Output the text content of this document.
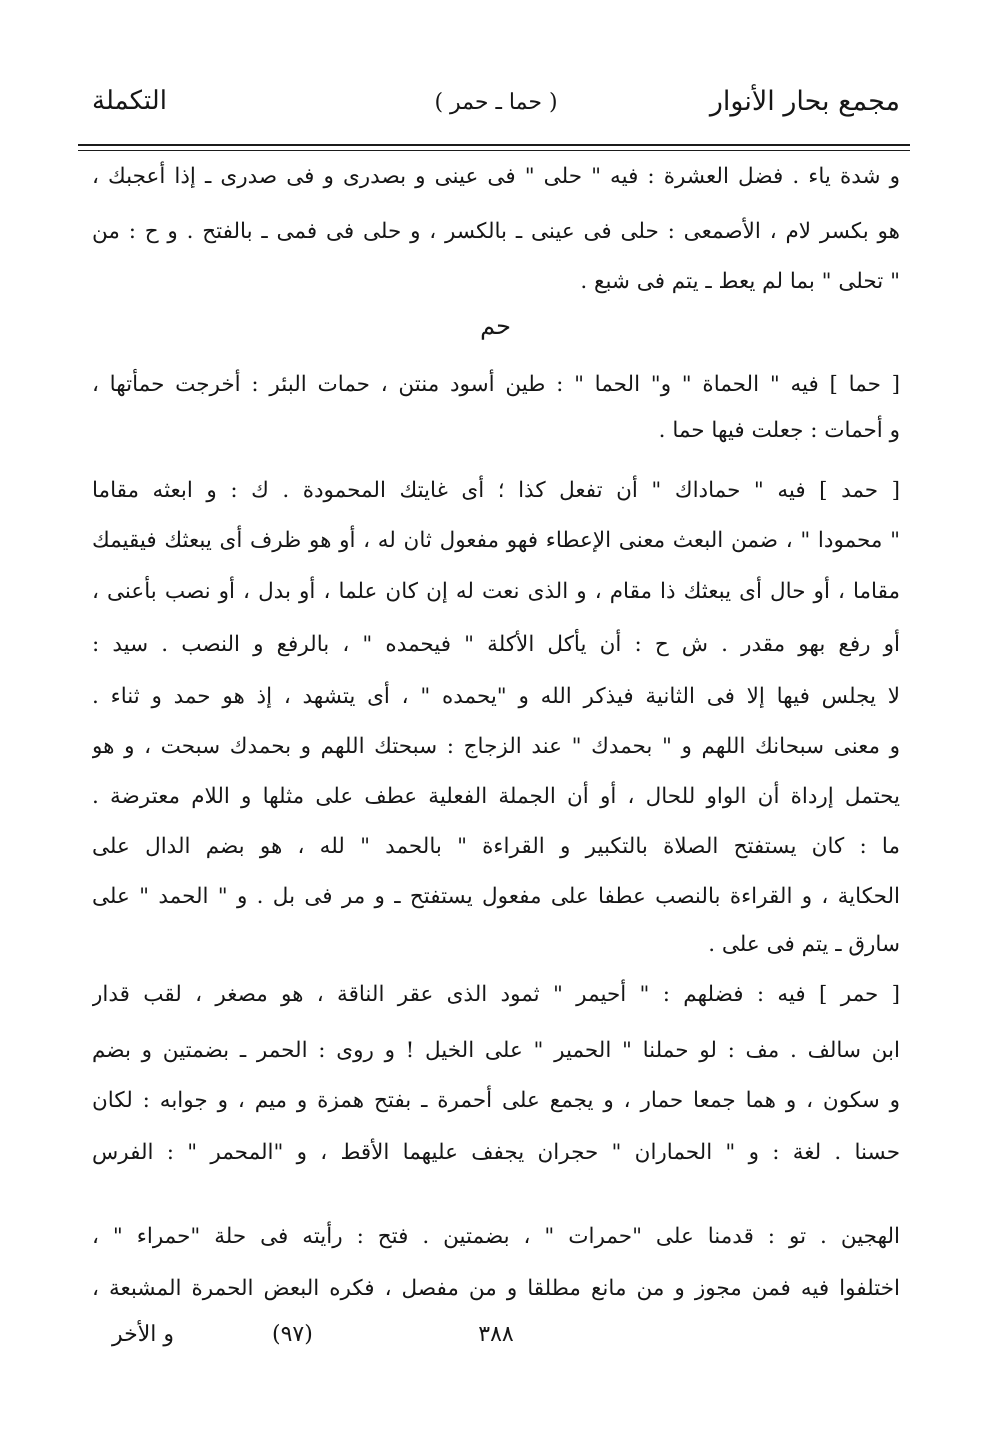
مجمع بحار الأنوار
( حما ـ حمر )
التكملة
و شدة ياء . فضل العشرة : فيه " حلى " فى عينى و بصدرى و فى صدرى ـ إذا أعجبك ،
هو بكسر لام ، الأصمعى : حلى فى عينى ـ بالكسر ، و حلى فى فمى ـ بالفتح . و ح : من
" تحلى " بما لم يعط ـ يتم فى شبع .
حم
[ حما ] فيه " الحماة " و" الحما " : طين أسود منتن ، حمات البئر : أخرجت حمأتها ،
و أحمات : جعلت فيها حما .
[ حمد ] فيه " حماداك " أن تفعل كذا ؛ أى غايتك المحمودة . ك : و ابعثه مقاما
" محمودا " ، ضمن البعث معنى الإعطاء فهو مفعول ثان له ، أو هو ظرف أى يبعثك فيقيمك
مقاما ، أو حال أى يبعثك ذا مقام ، و الذى نعت له إن كان علما ، أو بدل ، أو نصب بأعنى ،
أو رفع بهو مقدر . ش ح : أن يأكل الأكلة " فيحمده " ، بالرفع و النصب . سيد :
لا يجلس فيها إلا فى الثانية فيذكر الله و "يحمده " ، أى يتشهد ، إذ هو حمد و ثناء .
و معنى سبحانك اللهم و " بحمدك " عند الزجاج : سبحتك اللهم و بحمدك سبحت ، و هو
يحتمل إرداة أن الواو للحال ، أو أن الجملة الفعلية عطف على مثلها و اللام معترضة .
ما : كان يستفتح الصلاة بالتكبير و القراءة " بالحمد " لله ، هو بضم الدال على
الحكاية ، و القراءة بالنصب عطفا على مفعول يستفتح ـ و مر فى بل . و " الحمد " على
سارق ـ يتم فى على .
[ حمر ] فيه : فضلهم : " أحيمر " ثمود الذى عقر الناقة ، هو مصغر ، لقب قدار
ابن سالف . مف : لو حملنا " الحمير " على الخيل ! و روى : الحمر ـ بضمتين و بضم
و سكون ، و هما جمعا حمار ، و يجمع على أحمرة ـ بفتح همزة و ميم ، و جوابه : لكان
حسنا . لغة : و " الحماران " حجران يجفف عليهما الأقط ، و "المحمر " : الفرس
الهجين . تو : قدمنا على "حمرات " ، بضمتين . فتح : رأيته فى حلة "حمراء " ،
اختلفوا فيه فمن مجوز و من مانع مطلقا و من مفصل ، فكره البعض الحمرة المشبعة ،
٣٨٨
(٩٧)
و الأخر
